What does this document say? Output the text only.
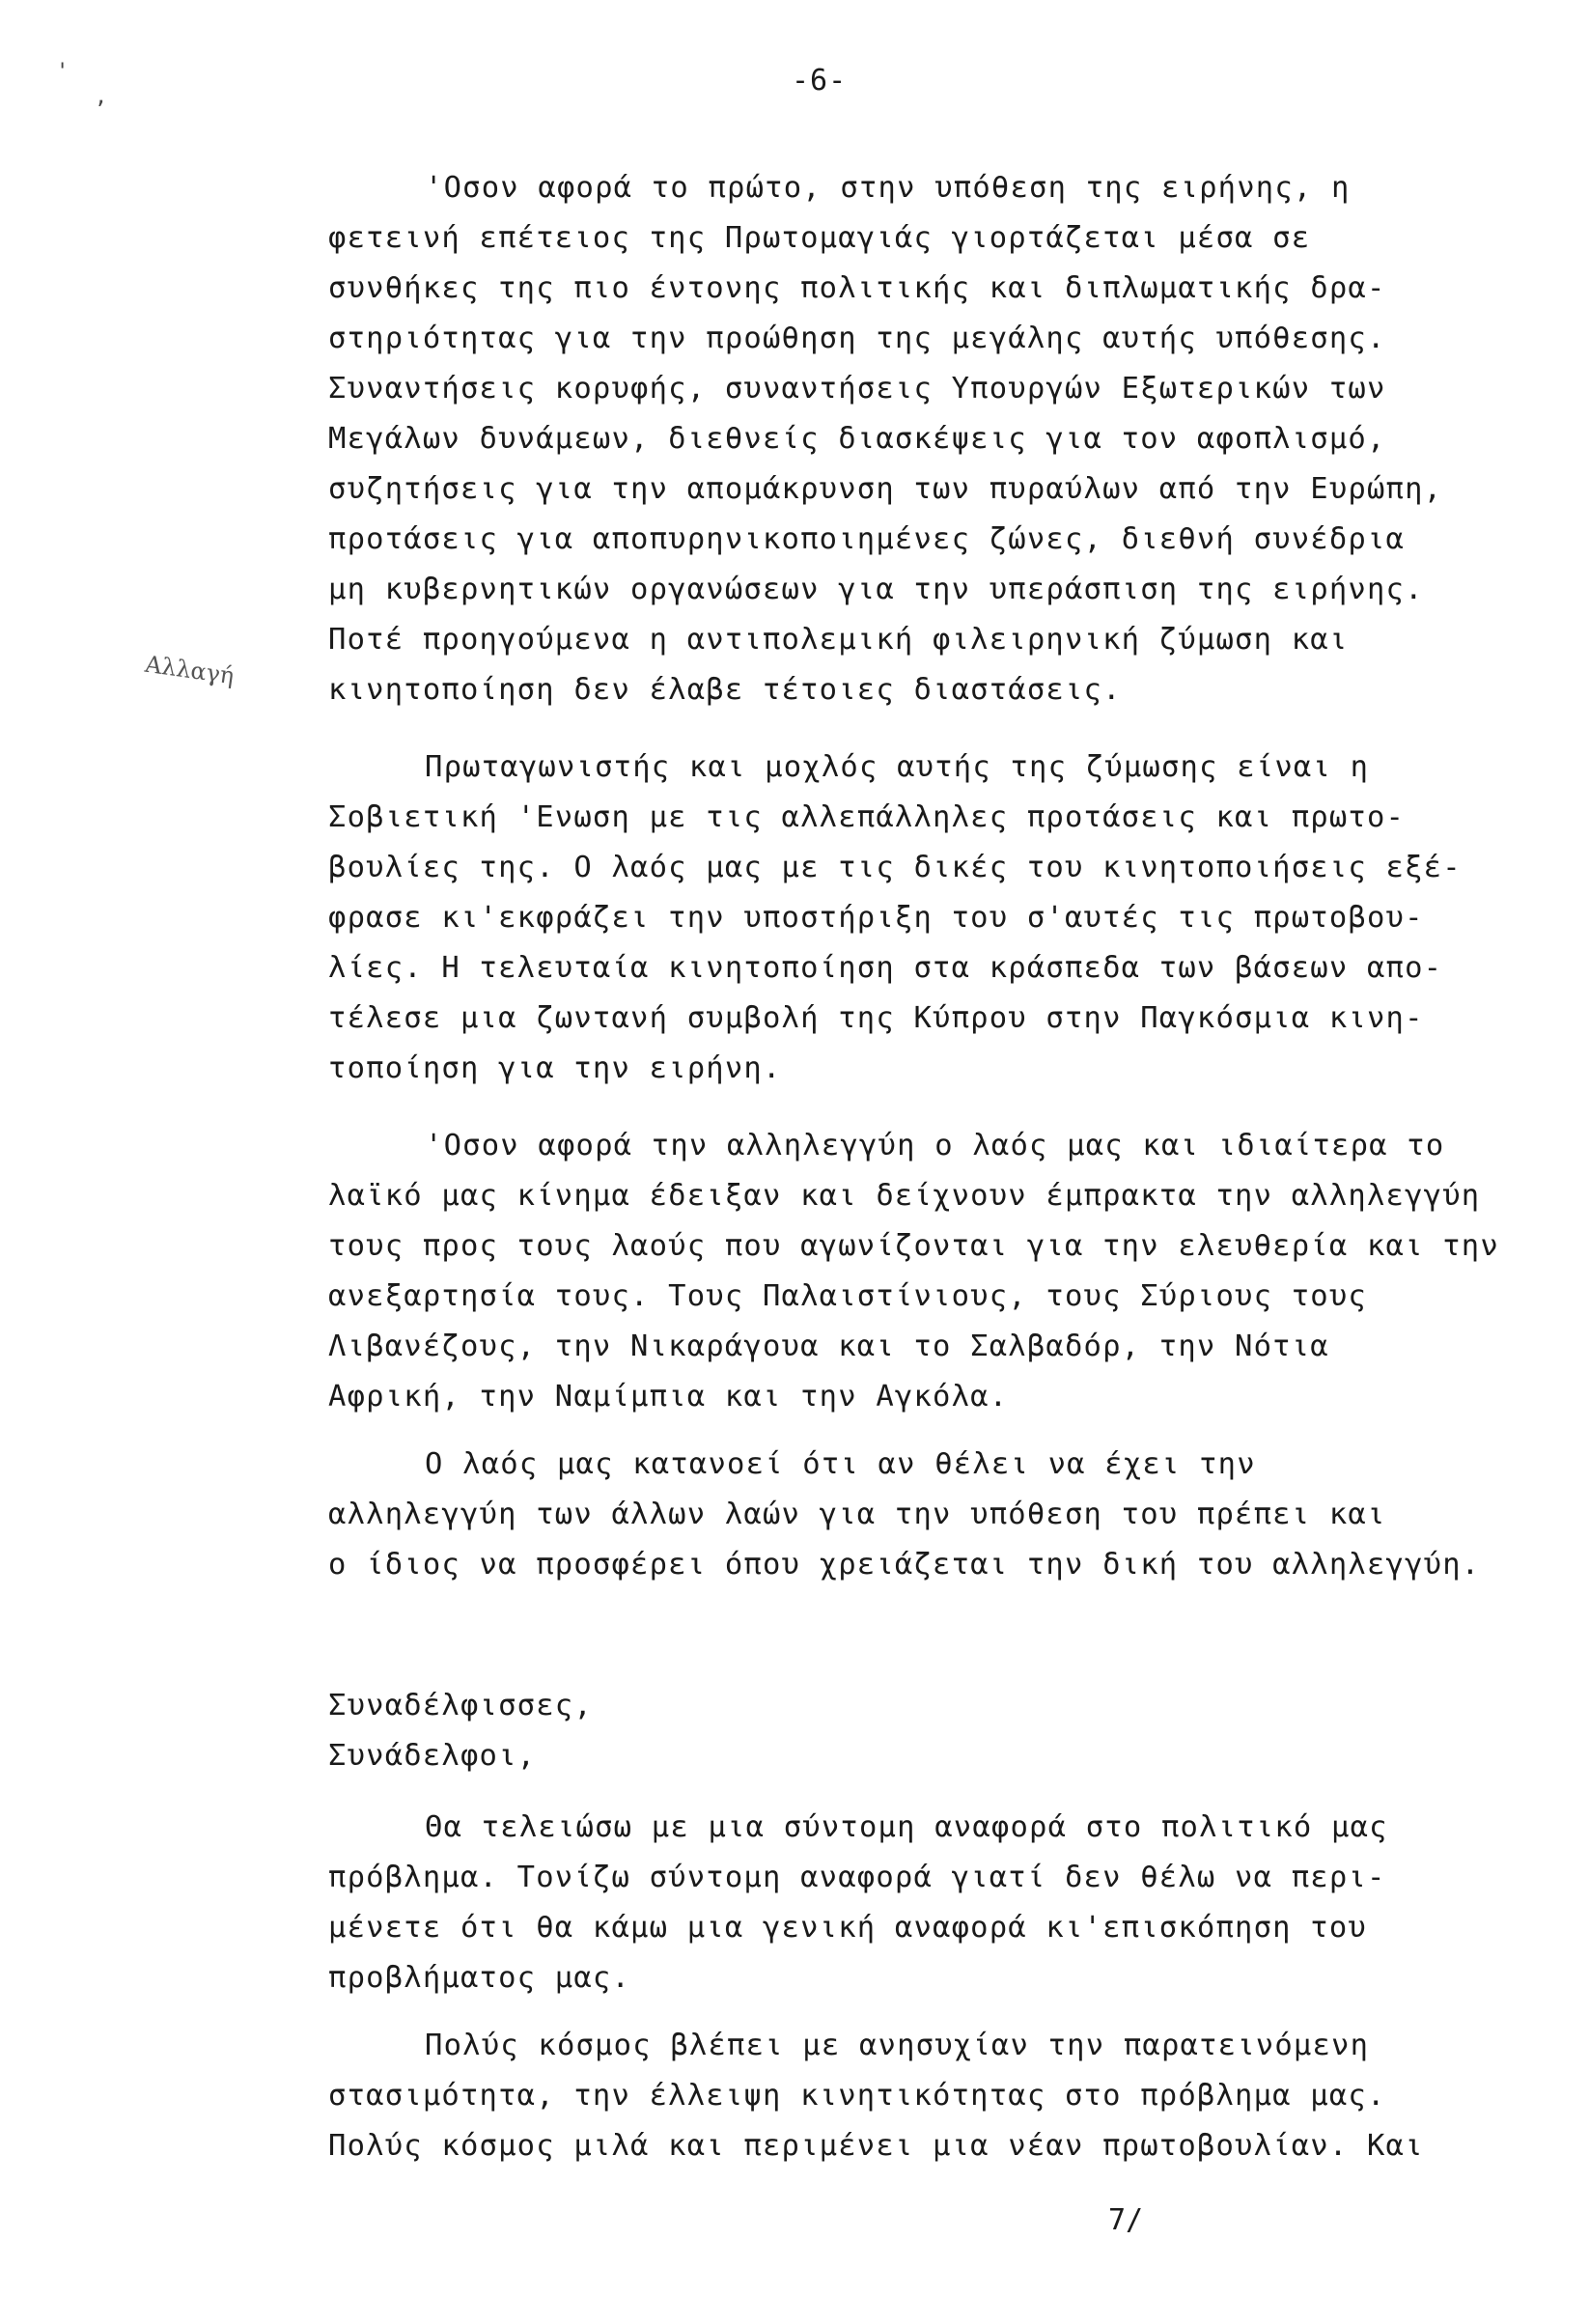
'
,	-6-
Αλλαγή
'Οσον αφορά το πρώτο, στην υπόθεση της ειρήνης, η
φετεινή επέτειος της Πρωτομαγιάς γιορτάζεται μέσα σε
συνθήκες της πιο έντονης πολιτικής και διπλωματικής δρα-
στηριότητας για την προώθηση της μεγάλης αυτής υπόθεσης.
Συναντήσεις κορυφής, συναντήσεις Υπουργών Εξωτερικών των
Μεγάλων δυνάμεων, διεθνείς διασκέψεις για τον αφοπλισμό,
συζητήσεις για την απομάκρυνση των πυραύλων από την Ευρώπη,
προτάσεις για αποπυρηνικοποιημένες ζώνες, διεθνή συνέδρια
μη κυβερνητικών οργανώσεων για την υπεράσπιση της ειρήνης.
Ποτέ προηγούμενα η αντιπολεμική φιλειρηνική ζύμωση και
κινητοποίηση δεν έλαβε τέτοιες διαστάσεις.
Πρωταγωνιστής και μοχλός αυτής της ζύμωσης είναι η
Σοβιετική 'Ενωση με τις αλλεπάλληλες προτάσεις και πρωτο-
βουλίες της. Ο λαός μας με τις δικές του κινητοποιήσεις εξέ-
φρασε κι'εκφράζει την υποστήριξη του σ'αυτές τις πρωτοβου-
λίες. Η τελευταία κινητοποίηση στα κράσπεδα των βάσεων απο-
τέλεσε μια ζωντανή συμβολή της Κύπρου στην Παγκόσμια κινη-
τοποίηση για την ειρήνη.
'Οσον αφορά την αλληλεγγύη ο λαός μας και ιδιαίτερα το
λαϊκό μας κίνημα έδειξαν και δείχνουν έμπρακτα την αλληλεγγύη
τους προς τους λαούς που αγωνίζονται για την ελευθερία και την
ανεξαρτησία τους. Τους Παλαιστίνιους, τους Σύριους τους
Λιβανέζους, την Νικαράγουα και το Σαλβαδόρ, την Νότια
Αφρική, την Ναμίμπια και την Αγκόλα.
Ο λαός μας κατανοεί ότι αν θέλει να έχει την
αλληλεγγύη των άλλων λαών για την υπόθεση του πρέπει και
ο ίδιος να προσφέρει όπου χρειάζεται την δική του αλληλεγγύη.
Συναδέλφισσες,
Συνάδελφοι,
Θα τελειώσω με μια σύντομη αναφορά στο πολιτικό μας
πρόβλημα. Τονίζω σύντομη αναφορά γιατί δεν θέλω να περι-
μένετε ότι θα κάμω μια γενική αναφορά κι'επισκόπηση του
προβλήματος μας.
Πολύς κόσμος βλέπει με ανησυχίαν την παρατεινόμενη
στασιμότητα, την έλλειψη κινητικότητας στο πρόβλημα μας.
Πολύς κόσμος μιλά και περιμένει μια νέαν πρωτοβουλίαν. Και
7/
